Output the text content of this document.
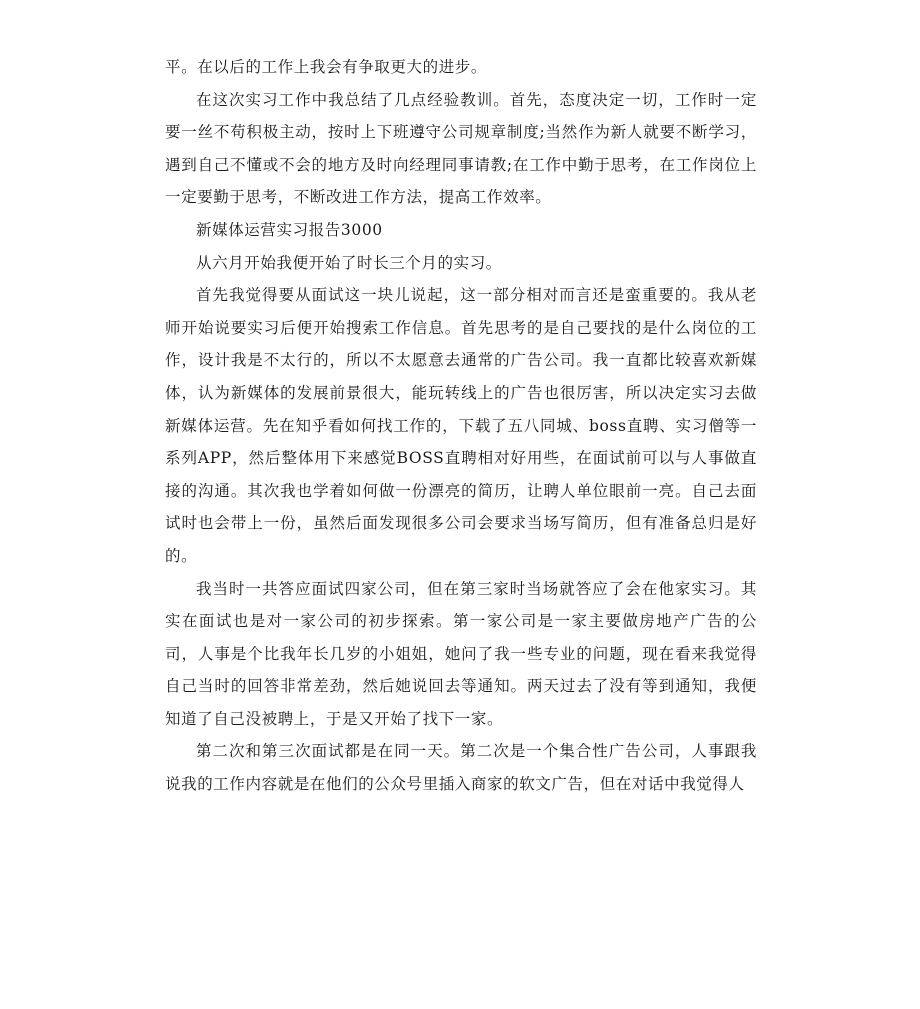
平。在以后的工作上我会有争取更大的进步。

在这次实习工作中我总结了几点经验教训。首先，态度决定一切，工作时一定要一丝不苟积极主动，按时上下班遵守公司规章制度;当然作为新人就要不断学习，遇到自己不懂或不会的地方及时向经理同事请教;在工作中勤于思考，在工作岗位上一定要勤于思考，不断改进工作方法，提高工作效率。

新媒体运营实习报告3000

从六月开始我便开始了时长三个月的实习。

首先我觉得要从面试这一块儿说起，这一部分相对而言还是蛮重要的。我从老师开始说要实习后便开始搜索工作信息。首先思考的是自己要找的是什么岗位的工作，设计我是不太行的，所以不太愿意去通常的广告公司。我一直都比较喜欢新媒体，认为新媒体的发展前景很大，能玩转线上的广告也很厉害，所以决定实习去做新媒体运营。先在知乎看如何找工作的，下载了五八同城、boss直聘、实习僧等一系列APP，然后整体用下来感觉BOSS直聘相对好用些，在面试前可以与人事做直接的沟通。其次我也学着如何做一份漂亮的简历，让聘人单位眼前一亮。自己去面试时也会带上一份，虽然后面发现很多公司会要求当场写简历，但有准备总归是好的。

我当时一共答应面试四家公司，但在第三家时当场就答应了会在他家实习。其实在面试也是对一家公司的初步探索。第一家公司是一家主要做房地产广告的公司，人事是个比我年长几岁的小姐姐，她问了我一些专业的问题，现在看来我觉得自己当时的回答非常差劲，然后她说回去等通知。两天过去了没有等到通知，我便知道了自己没被聘上，于是又开始了找下一家。

第二次和第三次面试都是在同一天。第二次是一个集合性广告公司，人事跟我说我的工作内容就是在他们的公众号里插入商家的软文广告，但在对话中我觉得人
